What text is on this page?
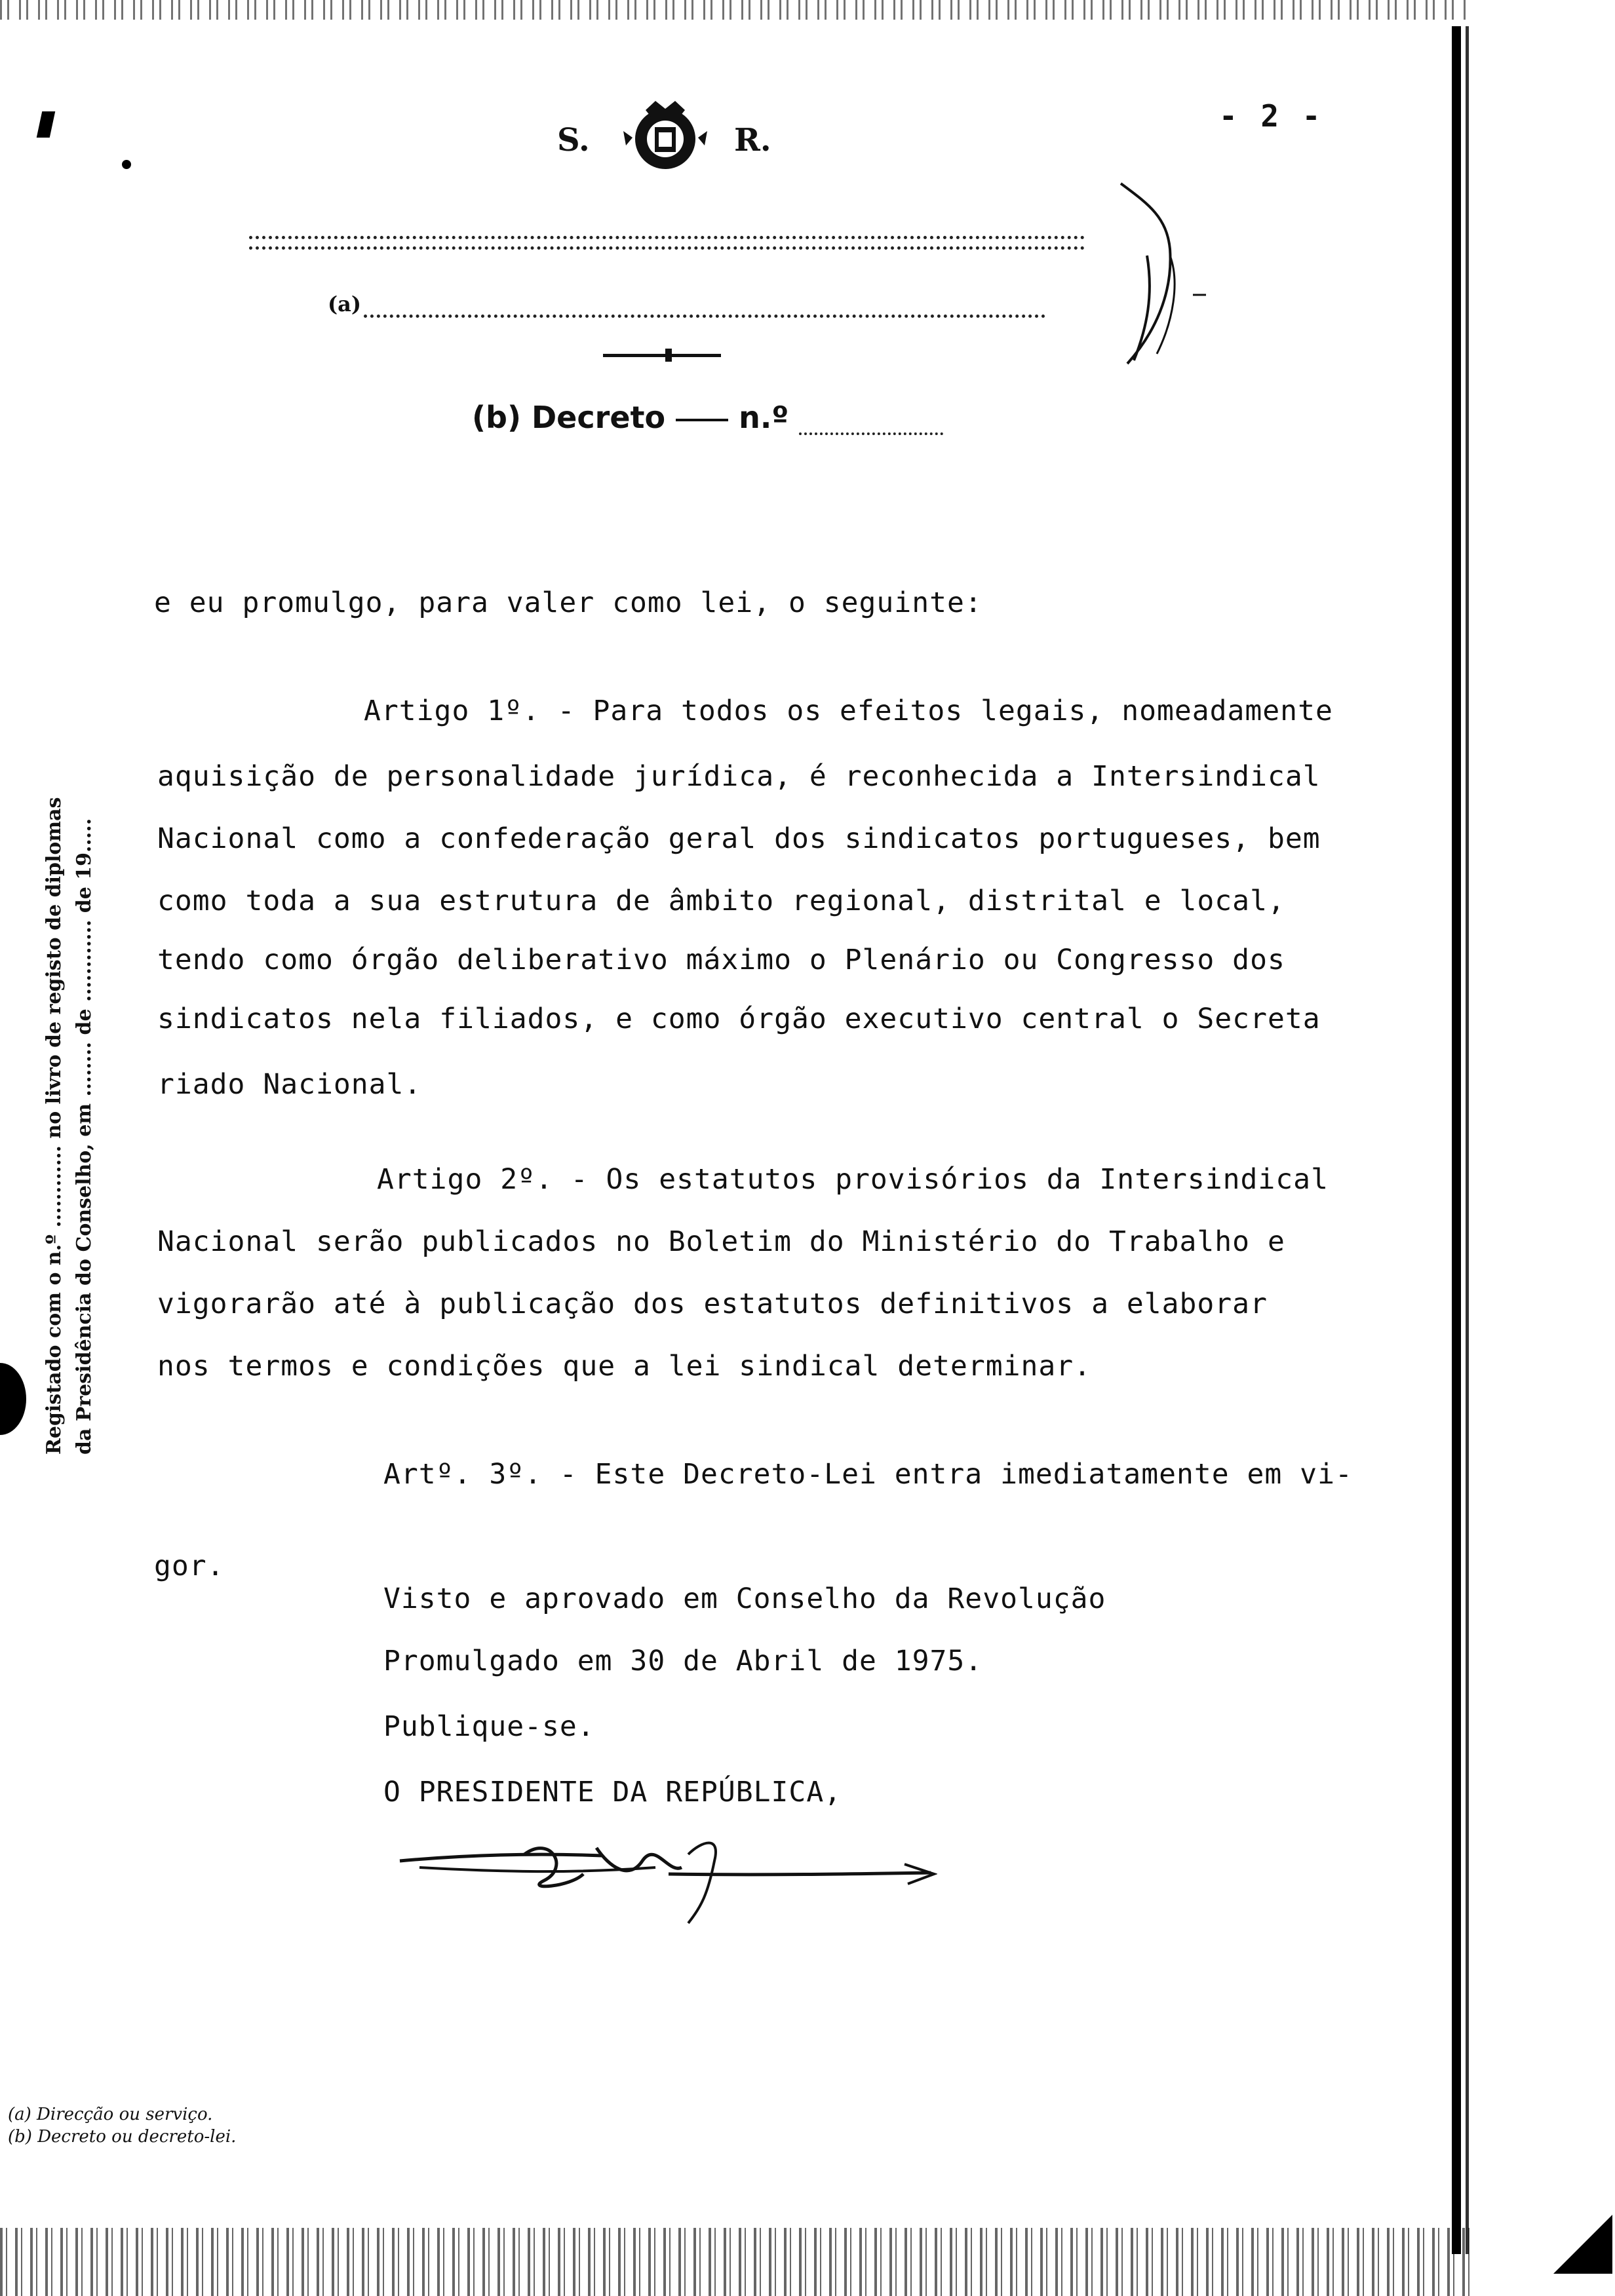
Registado com o n.º ............ no livro de registo de diplomas da Presidência do Conselho, em ........ de ............ de 19.....
S.	R.
- 2 -
(a)
(b) Decreto n.º
e eu promulgo, para valer como lei, o seguinte:
Artigo 1º. - Para todos os efeitos legais, nomeadamente
aquisição de personalidade jurídica, é reconhecida a Intersindical
Nacional como a confederação geral dos sindicatos portugueses, bem
como toda a sua estrutura de âmbito regional, distrital e local,
tendo como órgão deliberativo máximo o Plenário ou Congresso dos
sindicatos nela filiados, e como órgão executivo central o Secreta
riado Nacional.
Artigo 2º. - Os estatutos provisórios da Intersindical
Nacional serão publicados no Boletim do Ministério do Trabalho e
vigorarão até à publicação dos estatutos definitivos a elaborar
nos termos e condições que a lei sindical determinar.
Artº. 3º. - Este Decreto-Lei entra imediatamente em vi-
gor.
Visto e aprovado em Conselho da Revolução
Promulgado em 30 de Abril de 1975.
Publique-se.
O PRESIDENTE DA REPÚBLICA,
(a) Direcção ou serviço.
(b) Decreto ou decreto-lei.
